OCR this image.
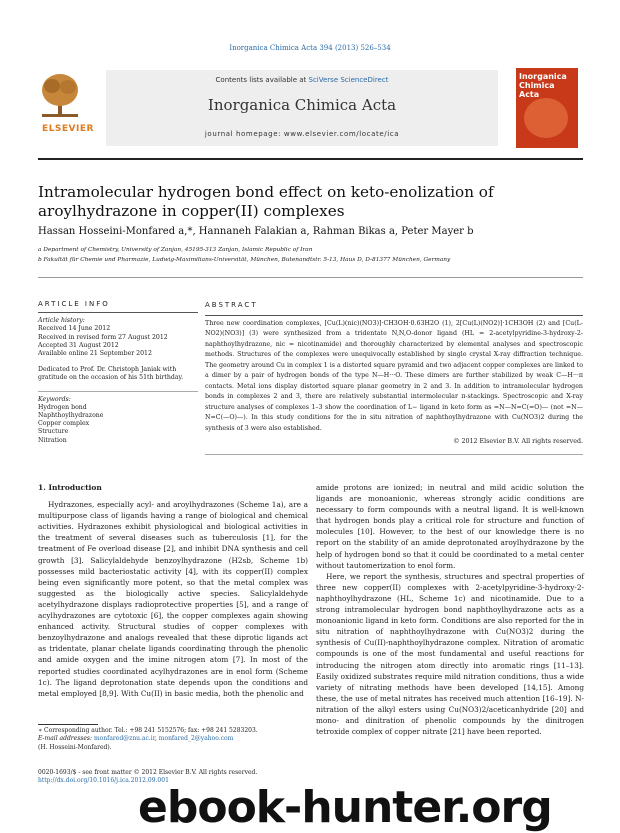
Inorganica Chimica Acta 394 (2013) 526–534
ELSEVIER
Contents lists available at SciVerse ScienceDirect
Inorganica Chimica Acta
journal homepage: www.elsevier.com/locate/ica
Inorganica Chimica Acta
Intramolecular hydrogen bond effect on keto-enolization of aroylhydrazone in copper(II) complexes
Hassan Hosseini-Monfared a,*, Hannaneh Falakian a, Rahman Bikas a, Peter Mayer b
a Department of Chemistry, University of Zanjan, 45195-313 Zanjan, Islamic Republic of Iran
b Fakultät für Chemie und Pharmazie, Ludwig-Maximilians-Universität, München, Butenandtstr. 5-13, Haus D, D-81377 München, Germany
ARTICLE INFO
Article history:
Received 14 June 2012
Received in revised form 27 August 2012
Accepted 31 August 2012
Available online 21 September 2012
Dedicated to Prof. Dr. Christoph Janiak with gratitude on the occasion of his 51th birthday.
Keywords:
Hydrogen bond
Naphthoylhydrazone
Copper complex
Structure
Nitration
ABSTRACT
Three new coordination complexes, [Cu(L)(nic)(NO3)]·CH3OH·0.63H2O (1), 2[Cu(L)(NO2)]·1CH3OH (2) and [Cu(L-NO2)(NO3)] (3) were synthesized from a tridentate N,N,O-donor ligand (HL = 2-acetylpyridine-3-hydroxy-2-naphthoylhydrazone, nic = nicotinamide) and thoroughly characterized by elemental analyses and spectroscopic methods. Structures of the complexes were unequivocally established by single crystal X-ray diffraction technique. The geometry around Cu in complex 1 is a distorted square pyramid and two adjacent copper complexes are linked to a dimer by a pair of hydrogen bonds of the type N—H···O. These dimers are further stabilized by weak C—H···π contacts. Metal ions display distorted square planar geometry in 2 and 3. In addition to intramolecular hydrogen bonds in complexes 2 and 3, there are relatively substantial intermolecular π-stackings. Spectroscopic and X-ray structure analyses of complexes 1–3 show the coordination of L− ligand in keto form as =N—N=C(=O)— (not =N—N=C(—O)—). In this study conditions for the in situ nitration of naphthoylhydrazone with Cu(NO3)2 during the synthesis of 3 were also established.
© 2012 Elsevier B.V. All rights reserved.
1. Introduction
Hydrazones, especially acyl- and aroylhydrazones (Scheme 1a), are a multipurpose class of ligands having a range of biological and chemical activities. Hydrazones exhibit physiological and biological activities in the treatment of several diseases such as tuberculosis [1], for the treatment of Fe overload disease [2], and inhibit DNA synthesis and cell growth [3]. Salicylaldehyde benzoylhydrazone (H2sb, Scheme 1b) possesses mild bacteriostatic activity [4], with its copper(II) complex being even significantly more potent, so that the metal complex was suggested as the biologically active species. Salicylaldehyde acetylhydrazone displays radioprotective properties [5], and a range of acylhydrazones are cytotoxic [6], the copper complexes again showing enhanced activity. Structural studies of copper complexes with benzoylhydrazone and analogs revealed that these diprotic ligands act as tridentate, planar chelate ligands coordinating through the phenolic and amide oxygen and the imine nitrogen atom [7]. In most of the reported studies coordinated acylhydrazones are in enol form (Scheme 1c). The ligand deprotonation state depends upon the conditions and metal employed [8,9]. With Cu(II) in basic media, both the phenolic and
amide protons are ionized; in neutral and mild acidic solution the ligands are monoanionic, whereas strongly acidic conditions are necessary to form compounds with a neutral ligand. It is well-known that hydrogen bonds play a critical role for structure and function of molecules [10]. However, to the best of our knowledge there is no report on the stability of an amide deprotonated aroylhydrazone by the help of hydrogen bond so that it could be coordinated to a metal center without tautomerization to enol form.
Here, we report the synthesis, structures and spectral properties of three new copper(II) complexes with 2-acetylpyridine-3-hydroxy-2-naphthoylhydrazone (HL, Scheme 1c) and nicotinamide. Due to a strong intramolecular hydrogen bond naphthoylhydrazone acts as a monoanionic ligand in keto form. Conditions are also reported for the in situ nitration of naphthoylhydrazone with Cu(NO3)2 during the synthesis of Cu(II)-naphthoylhydrazone complex. Nitration of aromatic compounds is one of the most fundamental and useful reactions for introducing the nitrogen atom directly into aromatic rings [11–13]. Easily oxidized substrates require mild nitration conditions, thus a wide variety of nitrating methods have been developed [14,15]. Among these, the use of metal nitrates has received much attention [16–19]. N-nitration of the alkyl esters using Cu(NO3)2/aceticanhydride [20] and mono- and dinitration of phenolic compounds by the dinitrogen tetroxide complex of copper nitrate [21] have been reported.
∗ Corresponding author. Tel.: +98 241 5152576; fax: +98 241 5283203.
E-mail addresses: monfared@znu.ac.ir, monfared_2@yahoo.com
(H. Hosseini-Monfared).
0020-1693/$ - see front matter © 2012 Elsevier B.V. All rights reserved.
http://dx.doi.org/10.1016/j.ica.2012.09.001
ebook-hunter.org
